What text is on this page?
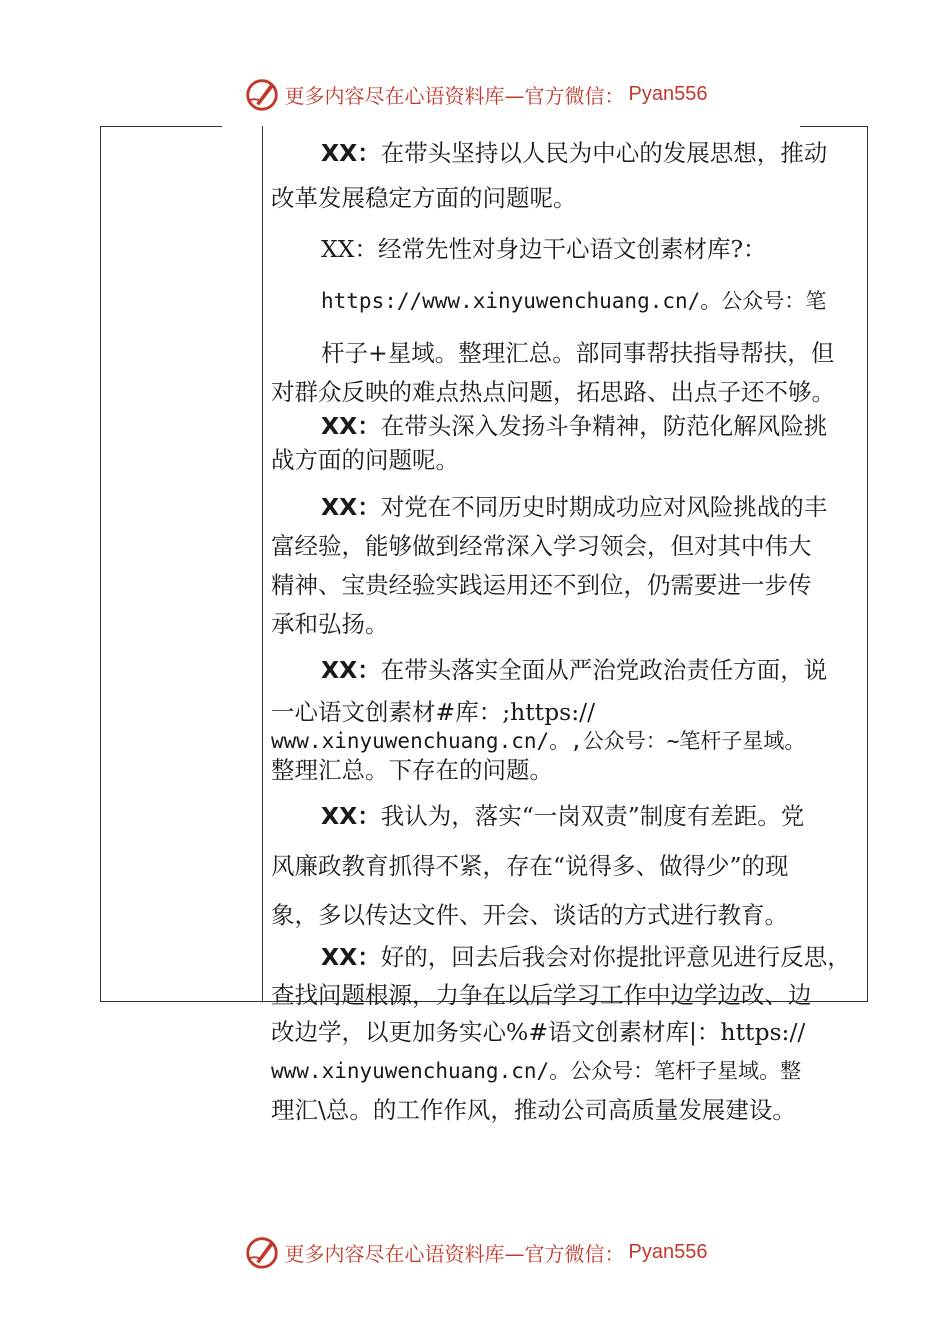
更多内容尽在心语资料库—官方微信： Pyan556
XX：在带头坚持以人民为中心的发展思想，推动
改革发展稳定方面的问题呢。
XX：经常先性对身边干心语文创素材库?：
https://www.xinyuwenchuang.cn/。公众号：笔
杆子+星域。整理汇总。部同事帮扶指导帮扶，但
对群众反映的难点热点问题，拓思路、出点子还不够。
XX：在带头深入发扬斗争精神，防范化解风险挑
战方面的问题呢。
XX：对党在不同历史时期成功应对风险挑战的丰
富经验，能够做到经常深入学习领会，但对其中伟大
精神、宝贵经验实践运用还不到位，仍需要进一步传
承和弘扬。
XX：在带头落实全面从严治党政治责任方面，说
一心语文创素材#库：;https://
www.xinyuwenchuang.cn/。,公众号：~笔杆子星域。
整理汇总。下存在的问题。
XX：我认为，落实“一岗双责”制度有差距。党
风廉政教育抓得不紧，存在“说得多、做得少”的现
象，多以传达文件、开会、谈话的方式进行教育。
XX：好的，回去后我会对你提批评意见进行反思，
查找问题根源，力争在以后学习工作中边学边改、边
改边学，以更加务实心%#语文创素材库|：https://
www.xinyuwenchuang.cn/。公众号：笔杆子星域。整
理汇\总。的工作作风，推动公司高质量发展建设。
更多内容尽在心语资料库—官方微信： Pyan556
